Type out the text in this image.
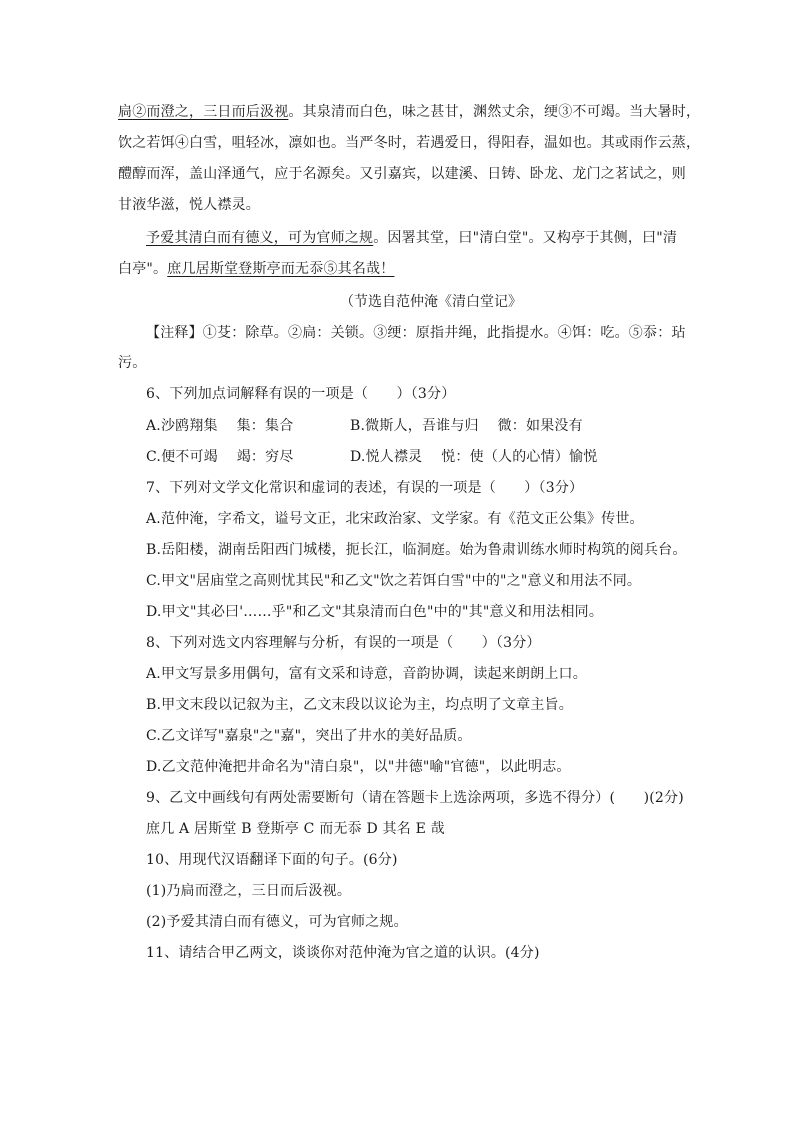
扃②而澄之，三日而后汲视。其泉清而白色，味之甚甘，渊然丈余，绠③不可竭。当大暑时，
饮之若饵④白雪，咀轻冰，凛如也。当严冬时，若遇爱日，得阳春，温如也。其或雨作云蒸，
醴醇而浑，盖山泽通气，应于名源矣。又引嘉宾，以建溪、日铸、卧龙、龙门之茗试之，则
甘液华滋，悦人襟灵。
予爱其清白而有德义，可为官师之规。因署其堂，曰"清白堂"。又构亭于其侧，曰"清
白亭"。庶几居斯堂登斯亭而无忝⑤其名哉！
（节选自范仲淹《清白堂记》
【注释】①芟：除草。②扃：关锁。③绠：原指井绳，此指提水。④饵：吃。⑤忝：玷
污。
6、下列加点词解释有误的一项是（　　）（3分）
A.沙鸥翔集　 集：集合	B.微斯人，吾谁与归　 微：如果没有
C.便不可竭　 竭：穷尽	D.悦人襟灵　 悦：使（人的心情）愉悦
7、下列对文学文化常识和虚词的表述，有误的一项是（　　）（3分）
A.范仲淹，字希文，谥号文正，北宋政治家、文学家。有《范文正公集》传世。
B.岳阳楼，湖南岳阳西门城楼，扼长江，临洞庭。始为鲁肃训练水师时构筑的阅兵台。
C.甲文"居庙堂之高则忧其民"和乙文"饮之若饵白雪"中的"之"意义和用法不同。
D.甲文"其必曰'……乎"和乙文"其泉清而白色"中的"其"意义和用法相同。
8、下列对选文内容理解与分析，有误的一项是（　　）（3分）
A.甲文写景多用偶句，富有文采和诗意，音韵协调，读起来朗朗上口。
B.甲文末段以记叙为主，乙文末段以议论为主，均点明了文章主旨。
C.乙文详写"嘉泉"之"嘉"，突出了井水的美好品质。
D.乙文范仲淹把井命名为"清白泉"，以"井德"喻"官德"，以此明志。
9、乙文中画线句有两处需要断句（请在答题卡上选涂两项，多选不得分）(　　)(2分)
庶几 A 居斯堂 B 登斯亭 C 而无忝 D 其名 E 哉
10、用现代汉语翻译下面的句子。(6分)
(1)乃扃而澄之，三日而后汲视。
(2)予爱其清白而有德义，可为官师之规。
11、请结合甲乙两文，谈谈你对范仲淹为官之道的认识。(4分)
